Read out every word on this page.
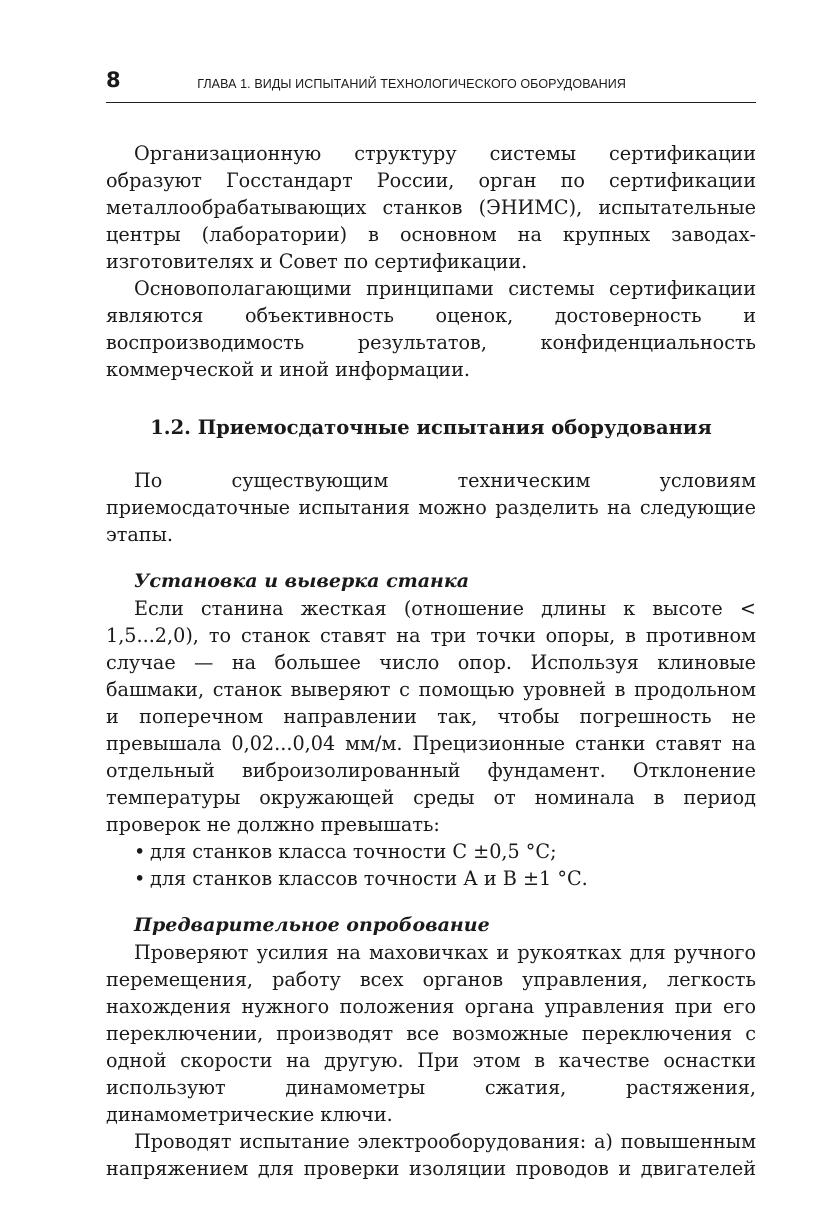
8	ГЛАВА 1. ВИДЫ ИСПЫТАНИЙ ТЕХНОЛОГИЧЕСКОГО ОБОРУДОВАНИЯ

Организационную структуру системы сертификации образуют Госстандарт России, орган по сертификации металлообрабатывающих станков (ЭНИМС), испытательные центры (лаборатории) в основном на крупных заводах-изготовителях и Совет по сертификации.

Основополагающими принципами системы сертификации являются объективность оценок, достоверность и воспроизводимость результатов, конфиденциальность коммерческой и иной информации.

1.2. Приемосдаточные испытания оборудования

По существующим техническим условиям приемосдаточные испытания можно разделить на следующие этапы.

Установка и выверка станка

Если станина жесткая (отношение длины к высоте < 1,5...2,0), то станок ставят на три точки опоры, в противном случае — на большее число опор. Используя клиновые башмаки, станок выверяют с помощью уровней в продольном и поперечном направлении так, чтобы погрешность не превышала 0,02...0,04 мм/м. Прецизионные станки ставят на отдельный виброизолированный фундамент. Отклонение температуры окружающей среды от номинала в период проверок не должно превышать:

• для станков класса точности С ±0,5 °С;
• для станков классов точности А и В ±1 °С.
Предварительное опробование

Проверяют усилия на маховичках и рукоятках для ручного перемещения, работу всех органов управления, легкость нахождения нужного положения органа управления при его переключении, производят все возможные переключения с одной скорости на другую. При этом в качестве оснастки используют динамометры сжатия, растяжения, динамометрические ключи.

Проводят испытание электрооборудования: а) повышенным напряжением для проверки изоляции проводов и двигателей
